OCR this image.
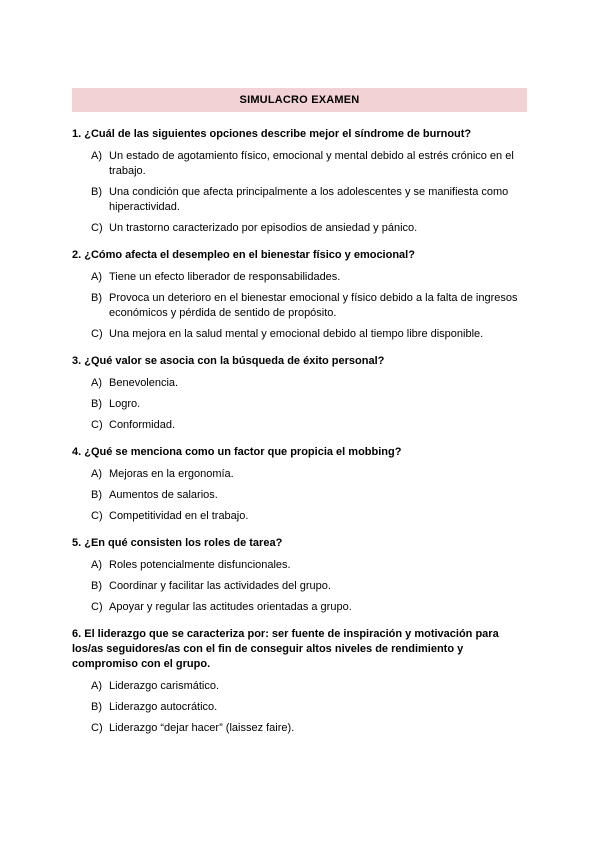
SIMULACRO EXAMEN
1. ¿Cuál de las siguientes opciones describe mejor el síndrome de burnout?
A) Un estado de agotamiento físico, emocional y mental debido al estrés crónico en el trabajo.
B) Una condición que afecta principalmente a los adolescentes y se manifiesta como hiperactividad.
C) Un trastorno caracterizado por episodios de ansiedad y pánico.
2. ¿Cómo afecta el desempleo en el bienestar físico y emocional?
A) Tiene un efecto liberador de responsabilidades.
B) Provoca un deterioro en el bienestar emocional y físico debido a la falta de ingresos económicos y pérdida de sentido de propósito.
C) Una mejora en la salud mental y emocional debido al tiempo libre disponible.
3. ¿Qué valor se asocia con la búsqueda de éxito personal?
A) Benevolencia.
B) Logro.
C) Conformidad.
4. ¿Qué se menciona como un factor que propicia el mobbing?
A) Mejoras en la ergonomía.
B) Aumentos de salarios.
C) Competitividad en el trabajo.
5. ¿En qué consisten los roles de tarea?
A) Roles potencialmente disfuncionales.
B) Coordinar y facilitar las actividades del grupo.
C) Apoyar y regular las actitudes orientadas a grupo.
6. El liderazgo que se caracteriza por: ser fuente de inspiración y motivación para los/as seguidores/as con el fin de conseguir altos niveles de rendimiento y compromiso con el grupo.
A) Liderazgo carismático.
B) Liderazgo autocrático.
C) Liderazgo “dejar hacer” (laissez faire).
